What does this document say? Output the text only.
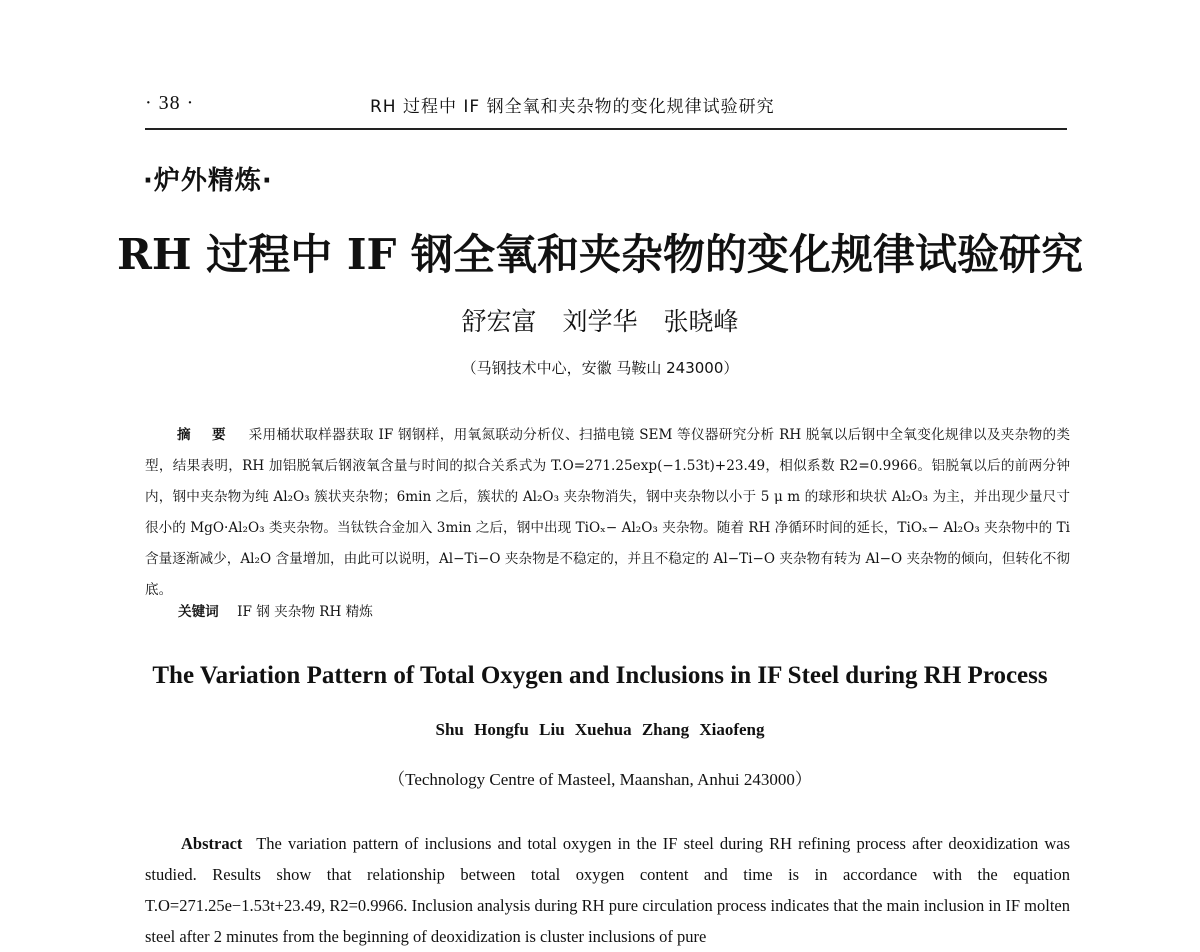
· 38 ·	RH 过程中 IF 钢全氧和夹杂物的变化规律试验研究
·炉外精炼·
RH 过程中 IF 钢全氧和夹杂物的变化规律试验研究
舒宏富 刘学华 张晓峰
（马钢技术中心，安徽 马鞍山 243000）
摘 要 采用桶状取样器获取 IF 钢钢样，用氧氮联动分析仪、扫描电镜 SEM 等仪器研究分析 RH 脱氧以后钢中全氧变化规律以及夹杂物的类型，结果表明，RH 加铝脱氧后钢液氧含量与时间的拟合关系式为 T.O=271.25exp(−1.53t)+23.49，相似系数 R2=0.9966。铝脱氧以后的前两分钟内，钢中夹杂物为纯 Al₂O₃ 簇状夹杂物；6min 之后，簇状的 Al₂O₃ 夹杂物消失，钢中夹杂物以小于 5 μ m 的球形和块状 Al₂O₃ 为主，并出现少量尺寸很小的 MgO·Al₂O₃ 类夹杂物。当钛铁合金加入 3min 之后，钢中出现 TiOₓ− Al₂O₃ 夹杂物。随着 RH 净循环时间的延长，TiOₓ− Al₂O₃ 夹杂物中的 Ti 含量逐渐减少，Al₂O 含量增加，由此可以说明，Al−Ti−O 夹杂物是不稳定的，并且不稳定的 Al−Ti−O 夹杂物有转为 Al−O 夹杂物的倾向，但转化不彻底。
关键词 IF 钢 夹杂物 RH 精炼
The Variation Pattern of Total Oxygen and Inclusions in IF Steel during RH Process
Shu Hongfu Liu Xuehua Zhang Xiaofeng
（Technology Centre of Masteel, Maanshan, Anhui 243000）
Abstract The variation pattern of inclusions and total oxygen in the IF steel during RH refining process after deoxidization was studied. Results show that relationship between total oxygen content and time is in accordance with the equation T.O=271.25e−1.53t+23.49, R2=0.9966. Inclusion analysis during RH pure circulation process indicates that the main inclusion in IF molten steel after 2 minutes from the beginning of deoxidization is cluster inclusions of pure
